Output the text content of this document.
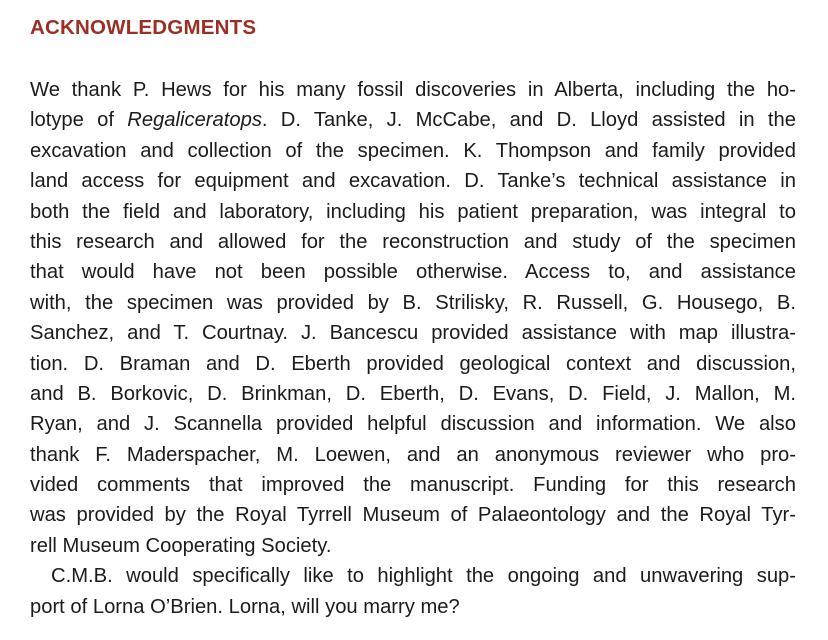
ACKNOWLEDGMENTS
We thank P. Hews for his many fossil discoveries in Alberta, including the ho-
lotype of Regaliceratops. D. Tanke, J. McCabe, and D. Lloyd assisted in the
excavation and collection of the specimen. K. Thompson and family provided
land access for equipment and excavation. D. Tanke’s technical assistance in
both the field and laboratory, including his patient preparation, was integral to
this research and allowed for the reconstruction and study of the specimen
that would have not been possible otherwise. Access to, and assistance
with, the specimen was provided by B. Strilisky, R. Russell, G. Housego, B.
Sanchez, and T. Courtnay. J. Bancescu provided assistance with map illustra-
tion. D. Braman and D. Eberth provided geological context and discussion,
and B. Borkovic, D. Brinkman, D. Eberth, D. Evans, D. Field, J. Mallon, M.
Ryan, and J. Scannella provided helpful discussion and information. We also
thank F. Maderspacher, M. Loewen, and an anonymous reviewer who pro-
vided comments that improved the manuscript. Funding for this research
was provided by the Royal Tyrrell Museum of Palaeontology and the Royal Tyr-
rell Museum Cooperating Society.
C.M.B. would specifically like to highlight the ongoing and unwavering sup-
port of Lorna O’Brien. Lorna, will you marry me?
